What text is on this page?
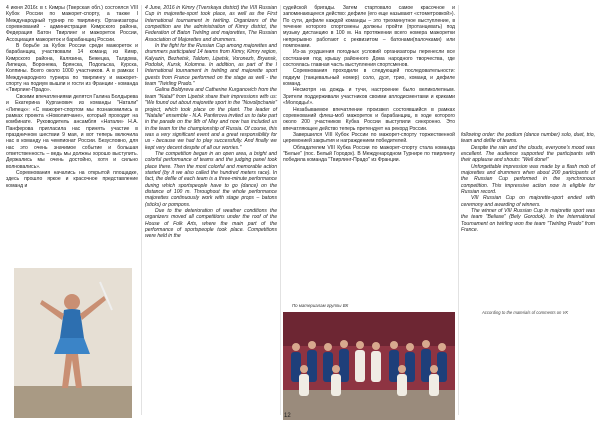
4 июня 2016г. в г. Кимры (Тверская обл.) состоялся VIII Кубок России по мажорет-спорту, а также I Международный турнир по твирлингу. Организаторы соревнований - администрация Кимрского района, Федерация Батон Твирлинг и мажореток России, Ассоциация мажореток и барабанщиц России.

В борьбе за Кубок России среди мажореток и барабанщиц участвовали 14 команд из Кимр, Кимрского района, Калязина, Бежецка, Талдома, Липецка, Воронежа, Брянска, Подольска, Курска, Колпины. Всего около 1000 участников. А в рамках I Международного турнира по твирлингу и мажорет-спорту на подиум вышли и гости из Франции - команда «Твирлинг-Прадо».

Своими впечатлениями делятся Галина Болдырева и Екатерина Курганович из команды "Натали" «Липецк»: «С мажорет-спортом мы познакомились в рамках проекта «Новолипчане», который проходит на комбинате. Руководитель ансамбля «Натали» Н.А. Панферова пригласила нас принять участие в праздничном шествии 9 мая, и вот теперь включила нас в команду на чемпионат России. Безусловно, для нас это очень значимое событие и большая ответственность – ведь мы должны хорошо выступить. Держались мы очень достойно, хотя и сильно волновались».

Соревнования начались на открытой площадке, здесь прошло яркое и красочное представление команд и

4 June, 2016 in Kimry (Tverskaya district) the VIII Russian Cup in majorette-sport took place, as well as the First International tournament in twirling. Organizers of the competition are the administration of Kimry district, the Federation of Baton Twirling and majorettes, The Russian Association of Majorettes and drummers.

In the fight for the Russian Cup among majorettes and drummers participated 14 teams from Kimry, Kimry region, Kalyazin, Bezhetsk, Taldom, Lipetsk, Voronezh, Bryansk, Podolsk, Kursk, Kolomna. In addition, as part of the I International tournament in twirling and majorette sport guests from France performed on the stage as well - the team "Twirling Prado."

Galina Boldyreva and Catherine Kurganovich from the team "Natali" from Lipetsk share their impressions with us: "We found out about majorette sport in the "Novolipchanie" project, which took place on the plant. The leader of "Natalie" ensemble - N.A. Panferova invited us to take part in the parade on the 9th of May and now has included us in the team for the championship of Russia. Of course, this was a very significant event and a great responsibility for us - because we had to play successfully. And finally we kept very decent despite of all our worries."

The competition began in an open area, a bright and colorful performance of teams and the judging panel took place there. Then the most colorful and memorable action started (by it we also called the hundred meters race). In fact, the defile of each team is a three-minute performance during which sportspeople have to go (dance) on the distance of 100 m. Throughout the whole performance majorettes continuously work with stage props – batons (sticks) or pompons.

Due to the deterioration of weather conditions the organizers moved all competitions under the roof of the House of Folk Arts, where the main part of the performance of sportspeople took place. Competitions were held in the

судейской бригады. Затем стартовало самое красочное и запоминающееся действо: дефиле (его еще называют «стометровкой»). По сути, дефиле каждой команды – это трехминутное выступление, в течение которого спортсмены должны пройти (протанцевать) под музыку дистанцию в 100 м. На протяжении всего номера мажоретки непрерывно работают с реквизитом – батонами(палочками) или помпонами.

Из-за ухудшения погодных условий организаторы перенесли все состязания под крышу районного Дома народного творчества, где состоялась главная часть выступления спортсменов.

Соревнования проходили в следующей последовательности: подиум (танцевальный номер) соло, дуэт, трио, команд и дефиле команд.

Несмотря на дождь и тучи, настроение было великолепным. Зрители поддерживали участников своими аплодисментами и криками «Молодцы!».

Незабываемое впечатление произвел состоявшийся в рамках соревнований флеш-моб мажореток и барабанщиц, в ходе которого около 200 участников Кубка России выступили синхронно. Это впечатляющее действо теперь претендует на рекорд России.

Завершился VIII Кубок России по мажорет-спорту торжественной церемонией закрытия и награждением победителей.

Обладателем VIII Кубка России по мажорет-спорту стала команда "Белые" (пос. Белый Городок). В Международном Турнире по твирлингу победила команда "Твирлинг-Прадо" из Франции.

По материалам группы ВК

following order: the podium (dance number) solo, duet, trio, team and defile of teams.

Despite the rain and the clouds, everyone's mood was excellent. The audience supported the participants with their applause and shouts: "Well done!"

Unforgettable impression was made by a flash mob of majorettes and drummers when about 200 participants of the Russian Cup performed in the synchronous competition. This impressive action now is eligible for Russian record.

VIII Russian Cup on majorette-sport ended with ceremony and awarding of winners.

The winner of VIII Russian Cup in majorette sport was the team "Beliaxe" (Bely Gorodok). In the International Tournament on twirling won the team "Twirling Prado" from France.

According to the materials of comments on VK
12
